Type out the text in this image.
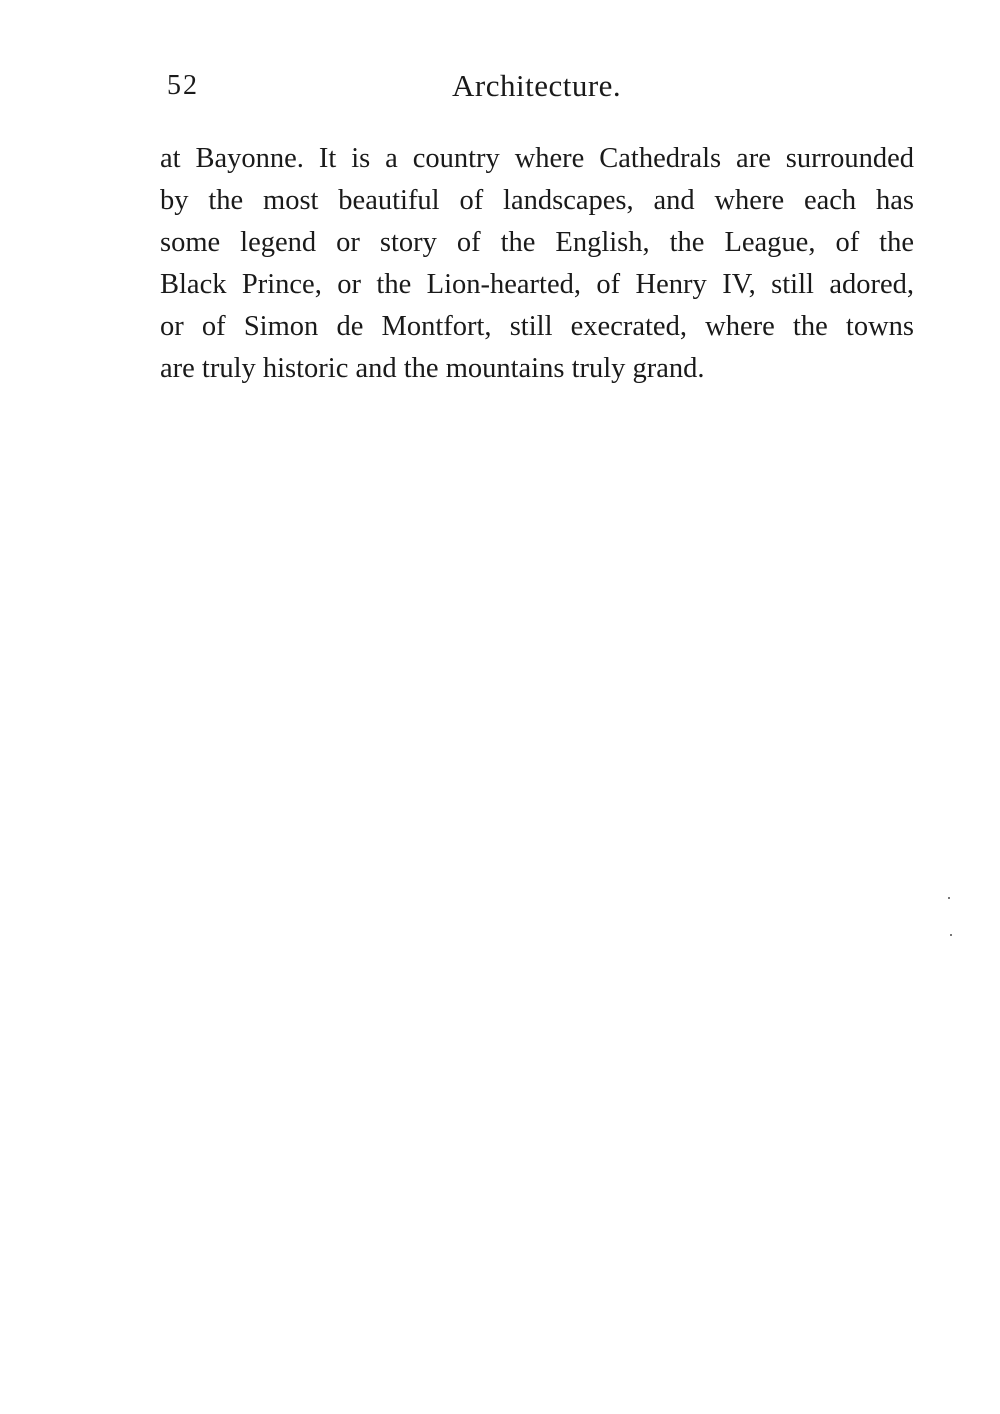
52	Architecture.
at Bayonne. It is a country where Cathedrals are surrounded
by the most beautiful of landscapes, and where each has
some legend or story of the English, the League, of the
Black Prince, or the Lion-hearted, of Henry IV, still adored,
or of Simon de Montfort, still execrated, where the towns
are truly historic and the mountains truly grand.
